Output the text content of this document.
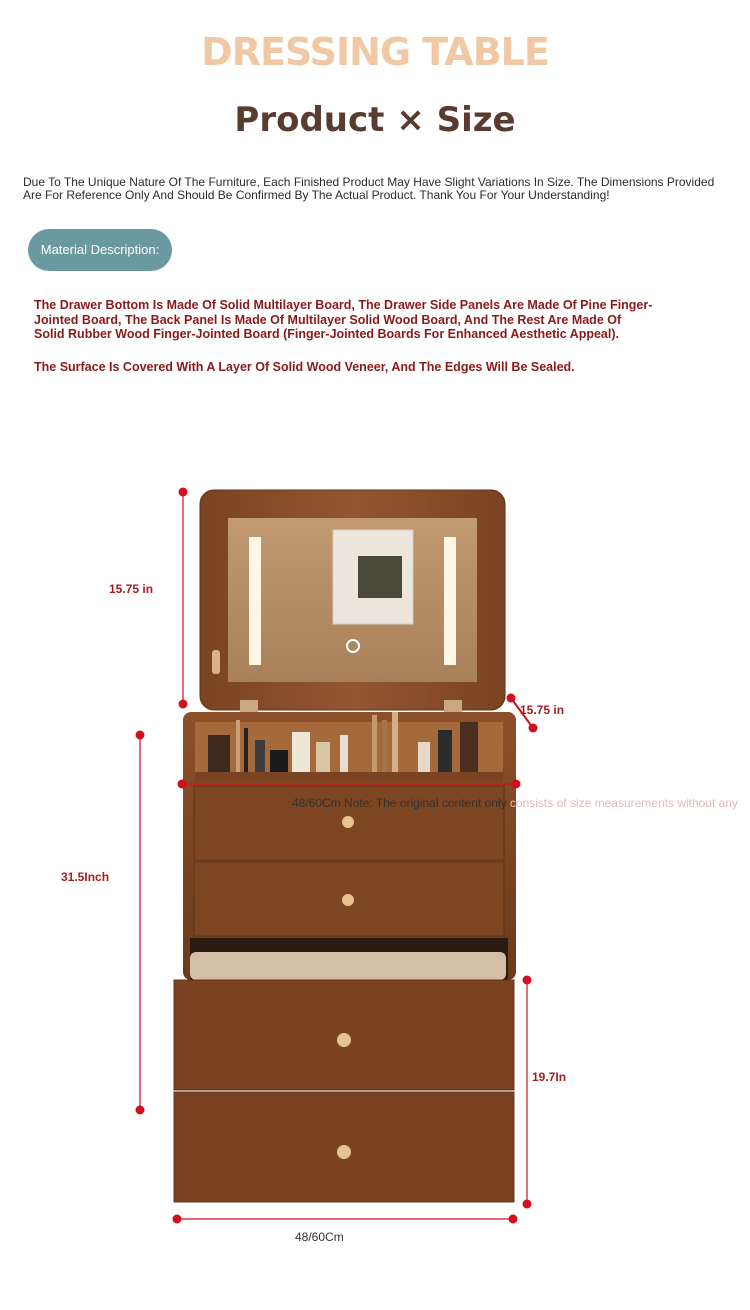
DRESSING TABLE
Product × Size
Due To The Unique Nature Of The Furniture, Each Finished Product May Have Slight Variations In Size. The Dimensions Provided Are For Reference Only And Should Be Confirmed By The Actual Product. Thank You For Your Understanding!
Material Description:
The Drawer Bottom Is Made Of Solid Multilayer Board, The Drawer Side Panels Are Made Of Pine Finger-Jointed Board, The Back Panel Is Made Of Multilayer Solid Wood Board, And The Rest Are Made Of Solid Rubber Wood Finger-Jointed Board (Finger-Jointed Boards For Enhanced Aesthetic Appeal).
The Surface Is Covered With A Layer Of Solid Wood Veneer, And The Edges Will Be Sealed.
15.75 in
15.75 in
31.5Inch
19.7In
48/60Cm
48/60Cm Note: The original content only consists of size measurements without any
